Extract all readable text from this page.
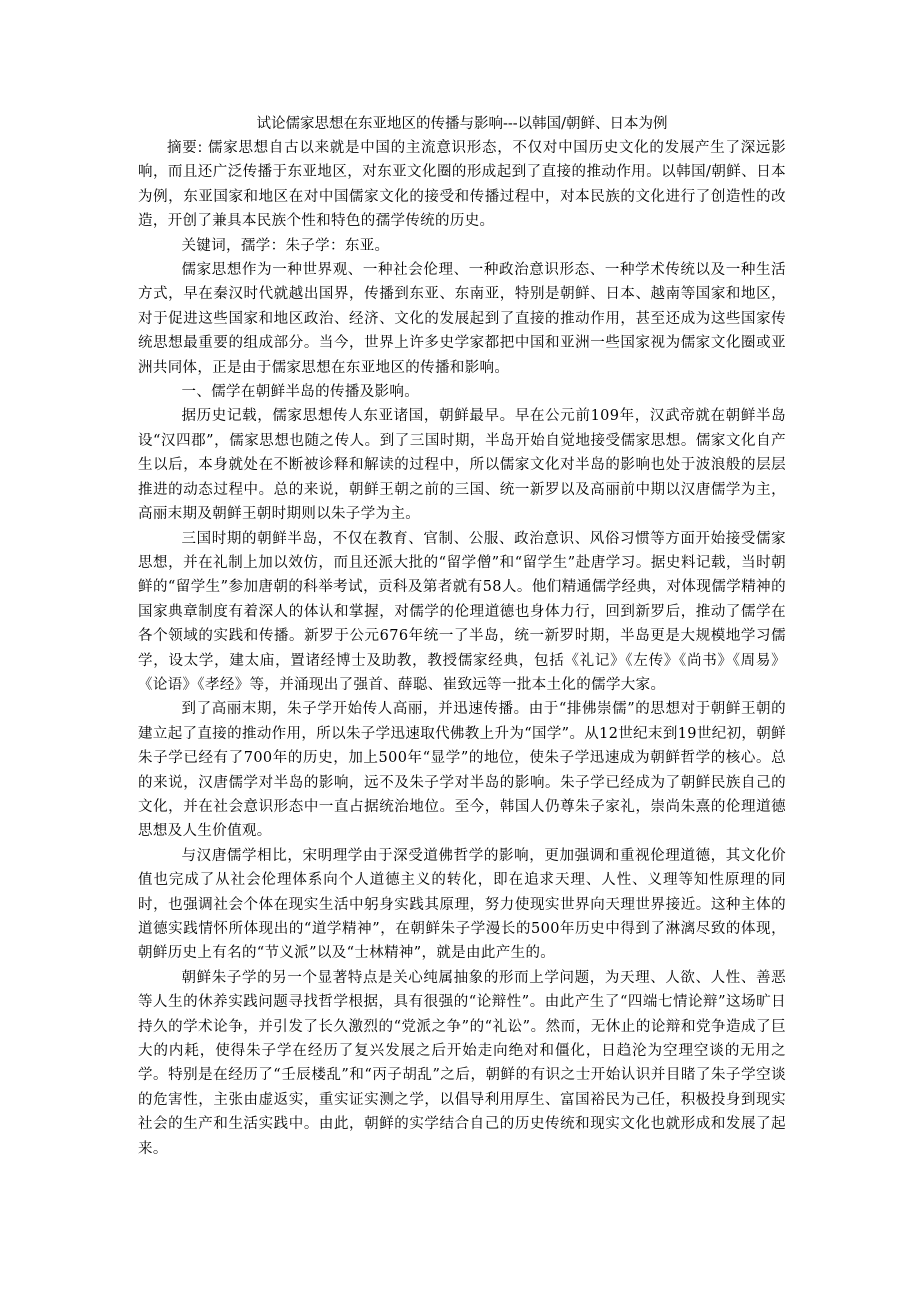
试论儒家思想在东亚地区的传播与影响---以韩国/朝鲜、日本为例

摘要: 儒家思想自古以来就是中国的主流意识形态，不仅对中国历史文化的发展产生了深远影响，而且还广泛传播于东亚地区，对东亚文化圈的形成起到了直接的推动作用。以韩国/朝鲜、日本为例，东亚国家和地区在对中国儒家文化的接受和传播过程中，对本民族的文化进行了创造性的改造，开创了兼具本民族个性和特色的孺学传统的历史。

关键词，孺学：朱子学：东亚。

儒家思想作为一种世界观、一种社会伦理、一种政治意识形态、一种学术传统以及一种生活方式，早在秦汉时代就越出国界，传播到东亚、东南亚，特别是朝鲜、日本、越南等国家和地区，对于促进这些国家和地区政治、经济、文化的发展起到了直接的推动作用，甚至还成为这些国家传统思想最重要的组成部分。当今，世界上许多史学家都把中国和亚洲一些国家视为儒家文化圈或亚洲共同体，正是由于儒家思想在东亚地区的传播和影响。

一、儒学在朝鲜半岛的传播及影响。

据历史记载，儒家思想传人东亚诸国，朝鲜最早。早在公元前109年，汉武帝就在朝鲜半岛设“汉四郡”，儒家思想也随之传人。到了三国时期，半岛开始自觉地接受儒家思想。儒家文化自产生以后，本身就处在不断被诊释和解读的过程中，所以儒家文化对半岛的影响也处于波浪般的层层推进的动态过程中。总的来说，朝鲜王朝之前的三国、统一新罗以及高丽前中期以汉唐儒学为主，高丽末期及朝鲜王朝时期则以朱子学为主。

三国时期的朝鲜半岛，不仅在教育、官制、公服、政治意识、风俗习惯等方面开始接受儒家思想，并在礼制上加以效仿，而且还派大批的“留学僧”和“留学生”赴唐学习。据史料记载，当时朝鲜的“留学生”参加唐朝的科举考试，贡科及第者就有58人。他们精通儒学经典，对体现儒学精神的国家典章制度有着深人的体认和掌握，对儒学的伦理道德也身体力行，回到新罗后，推动了儒学在各个领域的实践和传播。新罗于公元676年统一了半岛，统一新罗时期，半岛更是大规模地学习儒学，设太学，建太庙，置诸经博士及助教，教授儒家经典，包括《礼记》《左传》《尚书》《周易》《论语》《孝经》等，并涌现出了强首、薛聪、崔致远等一批本土化的儒学大家。

到了高丽末期，朱子学开始传人高丽，并迅速传播。由于“排佛崇儒”的思想对于朝鲜王朝的建立起了直接的推动作用，所以朱子学迅速取代佛教上升为“国学”。从12世纪末到19世纪初，朝鲜朱子学已经有了700年的历史，加上500年“显学”的地位，使朱子学迅速成为朝鲜哲学的核心。总的来说，汉唐儒学对半岛的影响，远不及朱子学对半岛的影响。朱子学已经成为了朝鲜民族自己的文化，并在社会意识形态中一直占据统治地位。至今，韩国人仍尊朱子家礼，崇尚朱熹的伦理道德思想及人生价值观。

与汉唐儒学相比，宋明理学由于深受道佛哲学的影响，更加强调和重视伦理道德，其文化价值也完成了从社会伦理体系向个人道德主义的转化，即在追求天理、人性、义理等知性原理的同时，也强调社会个体在现实生活中躬身实践其原理，努力使现实世界向天理世界接近。这种主体的道德实践情怀所体现出的“道学精神”，在朝鲜朱子学漫长的500年历史中得到了淋漓尽致的体现，朝鲜历史上有名的“节义派”以及“士林精神”，就是由此产生的。

朝鲜朱子学的另一个显著特点是关心纯属抽象的形而上学问题，为天理、人欲、人性、善恶等人生的休养实践问题寻找哲学根据，具有很强的“论辩性”。由此产生了“四端七情论辩”这场旷日持久的学术论争，并引发了长久激烈的“党派之争”的“礼讼”。然而，无休止的论辩和党争造成了巨大的内耗，使得朱子学在经历了复兴发展之后开始走向绝对和僵化，日趋沦为空理空谈的无用之学。特别是在经历了“壬辰楼乱”和“丙子胡乱”之后，朝鲜的有识之士开始认识并目睹了朱子学空谈的危害性，主张由虚返实，重实证实测之学，以倡导利用厚生、富国裕民为己任，积极投身到现实社会的生产和生活实践中。由此，朝鲜的实学结合自己的历史传统和现实文化也就形成和发展了起来。
